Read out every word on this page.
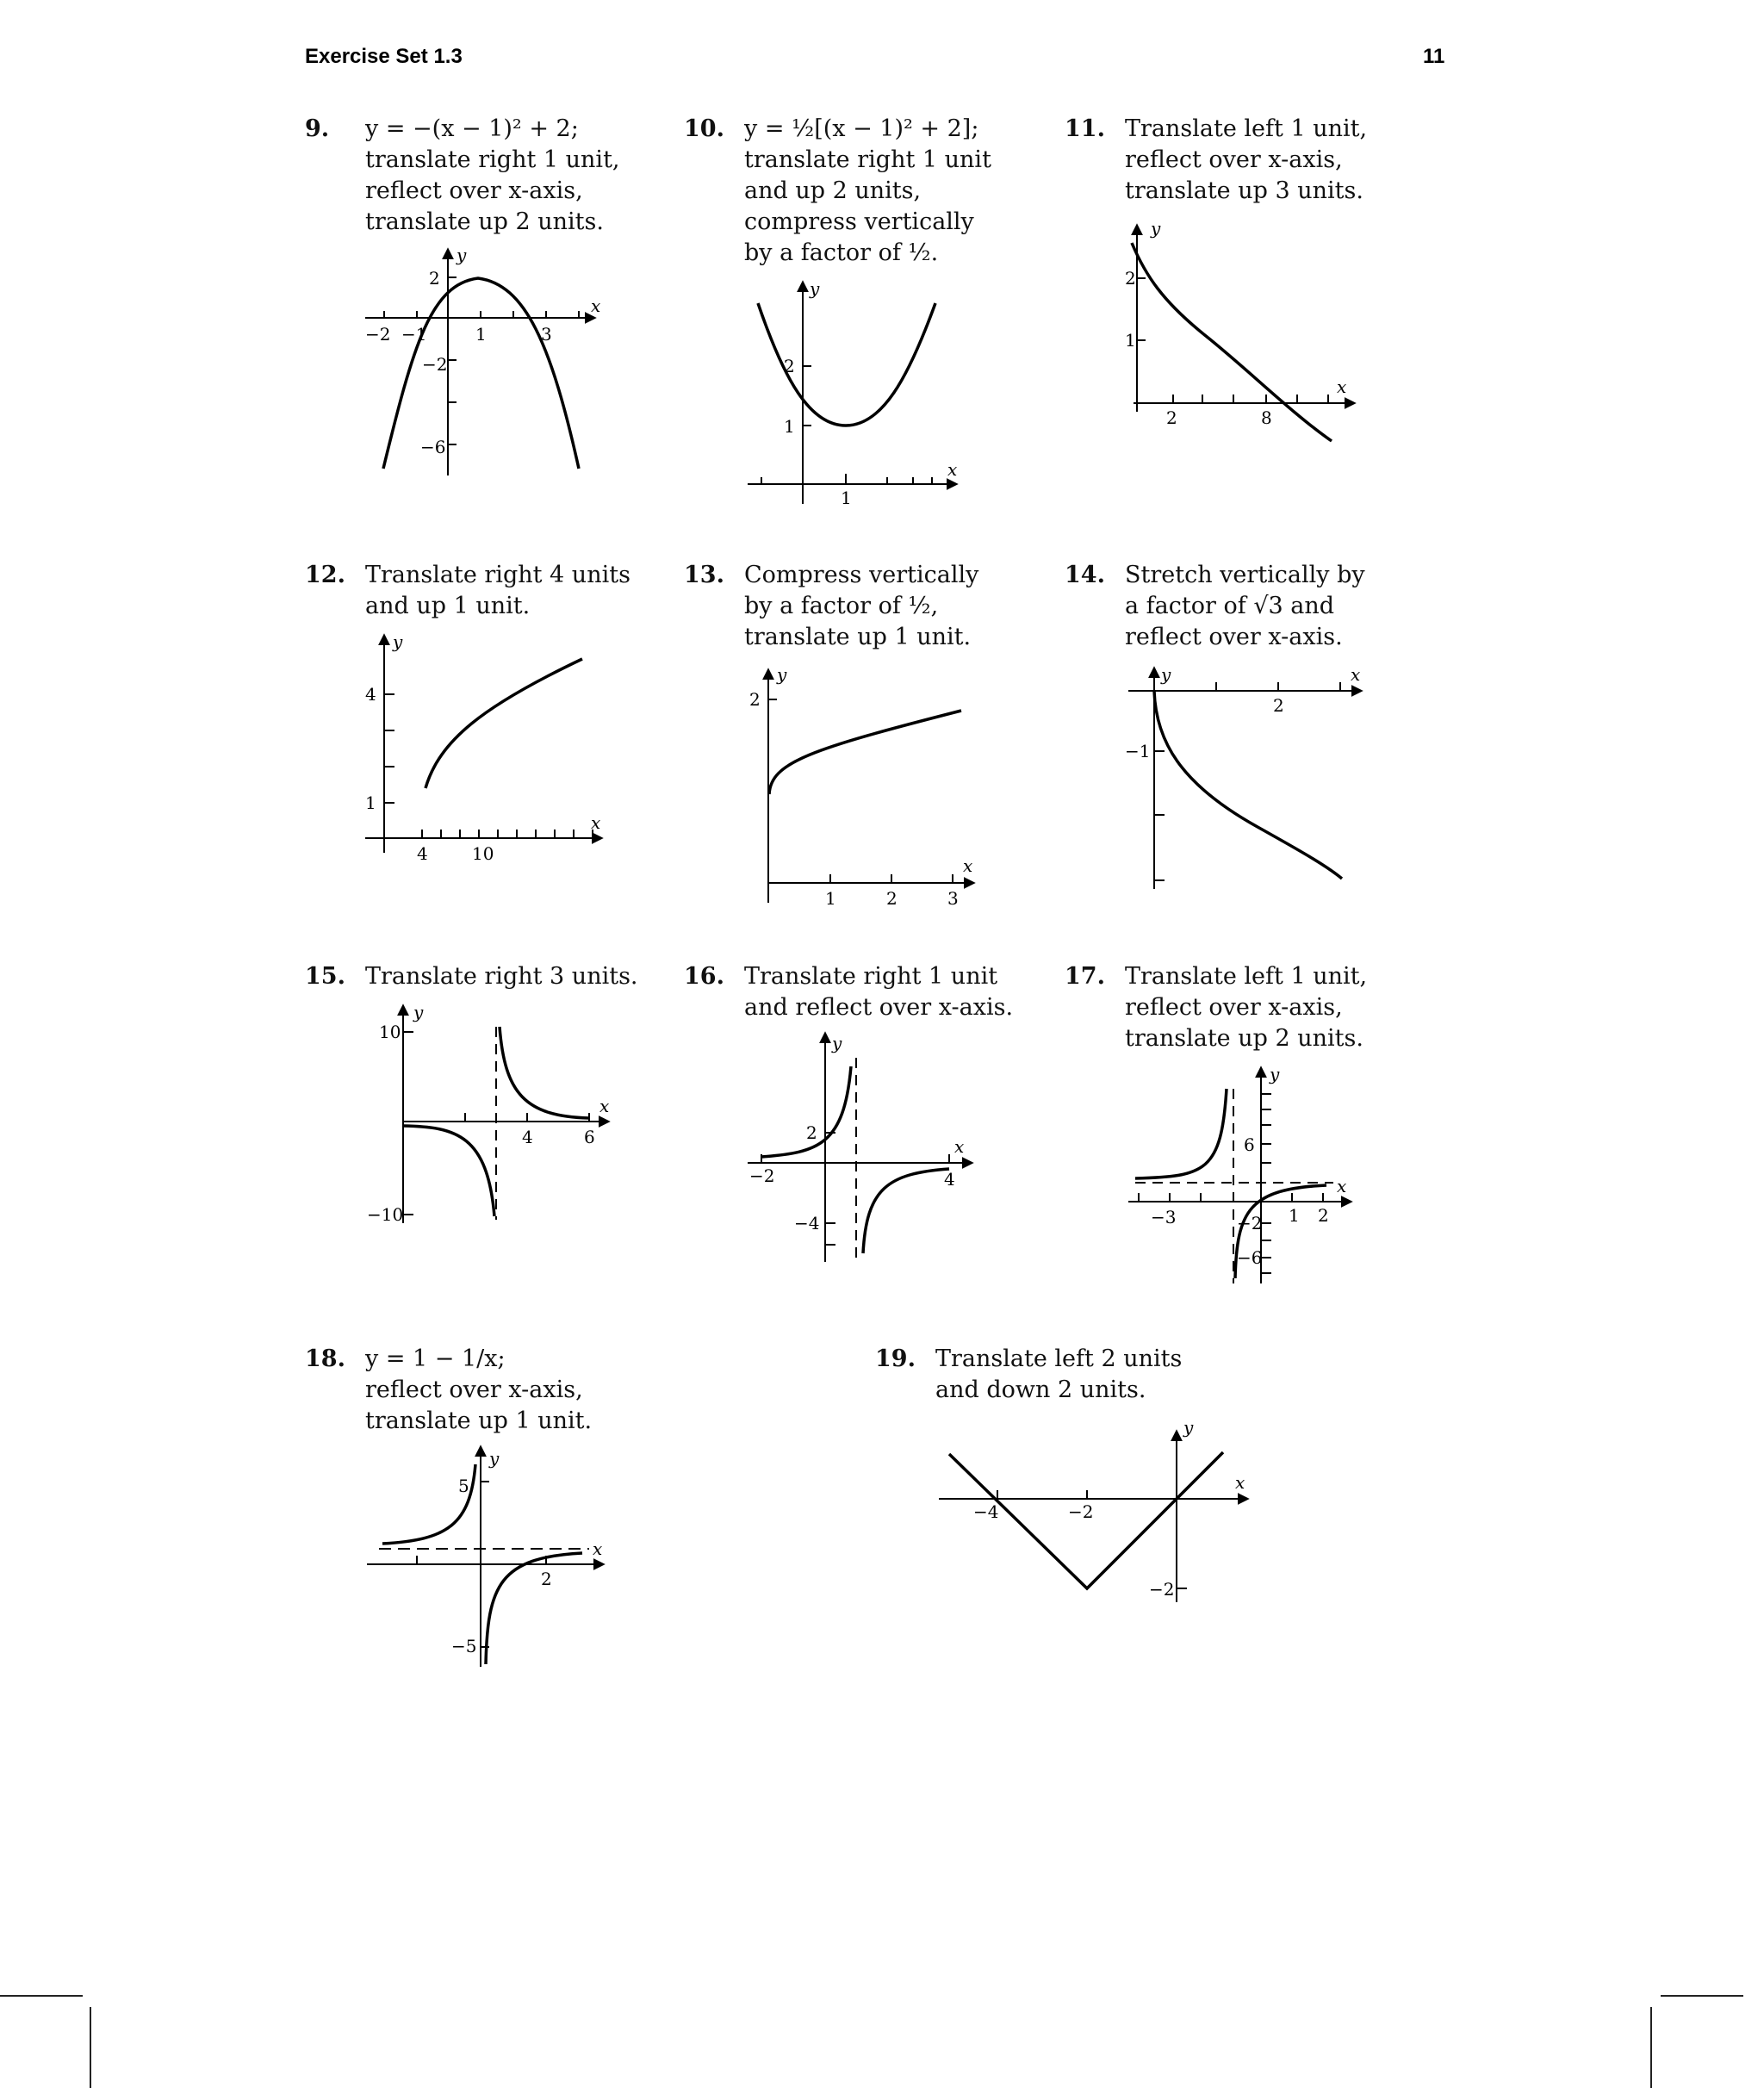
Exercise Set 1.3	11
9. y = −(x − 1)² + 2;
translate right 1 unit,
reflect over x-axis,
translate up 2 units.
10. y = ½[(x − 1)² + 2];
translate right 1 unit
and up 2 units,
compress vertically
by a factor of ½.
11. Translate left 1 unit,
reflect over x-axis,
translate up 3 units.
12. Translate right 4 units
and up 1 unit.
13. Compress vertically
by a factor of ½,
translate up 1 unit.
14. Stretch vertically by
a factor of √3 and
reflect over x-axis.
15. Translate right 3 units. 16. Translate right 1 unit
and reflect over x-axis.
17. Translate left 1 unit,
reflect over x-axis,
translate up 2 units.
18. y = 1 − 1/x;
reflect over x-axis,
translate up 1 unit.
19. Translate left 2 units
and down 2 units.
−2 −1	1	3
2
−2
−6
x
y
1
2
1
x
y
2	8
2
1
x
y
4	10
4
1
x
y
1	2	3
2
x
y
2
−1
x
y
4	6
10
−10
x
y
−2	4
2
−4
x
y
−3	1 2
6
−2
−6
x
y
2
5
−5
x
y
−4	−2
−2
x
y
